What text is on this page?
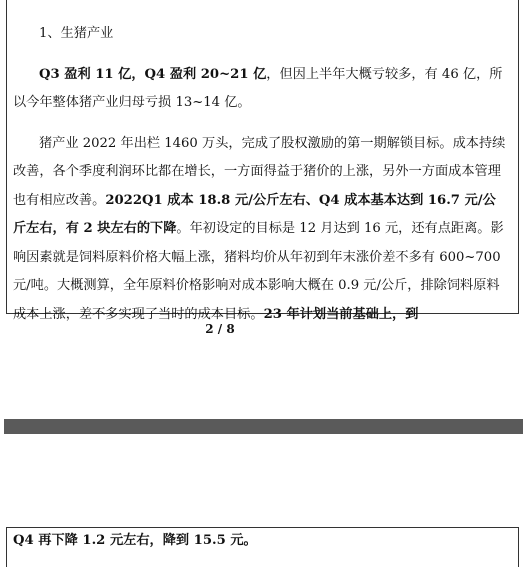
1、生猪产业

Q3 盈利 11 亿，Q4 盈利 20~21 亿，但因上半年大概亏较多，有 46 亿，所以今年整体猪产业归母亏损 13~14 亿。

猪产业 2022 年出栏 1460 万头，完成了股权激励的第一期解锁目标。成本持续改善，各个季度利润环比都在增长，一方面得益于猪价的上涨，另外一方面成本管理也有相应改善。2022Q1 成本 18.8 元/公斤左右、Q4 成本基本达到 16.7 元/公斤左右，有 2 块左右的下降。年初设定的目标是 12 月达到 16 元，还有点距离。影响因素就是饲料原料价格大幅上涨，猪料均价从年初到年末涨价差不多有 600~700 元/吨。大概测算，全年原料价格影响对成本影响大概在 0.9 元/公斤，排除饲料原料成本上涨，差不多实现了当时的成本目标。23 年计划当前基础上，到

2 / 8

Q4 再下降 1.2 元左右，降到 15.5 元。
